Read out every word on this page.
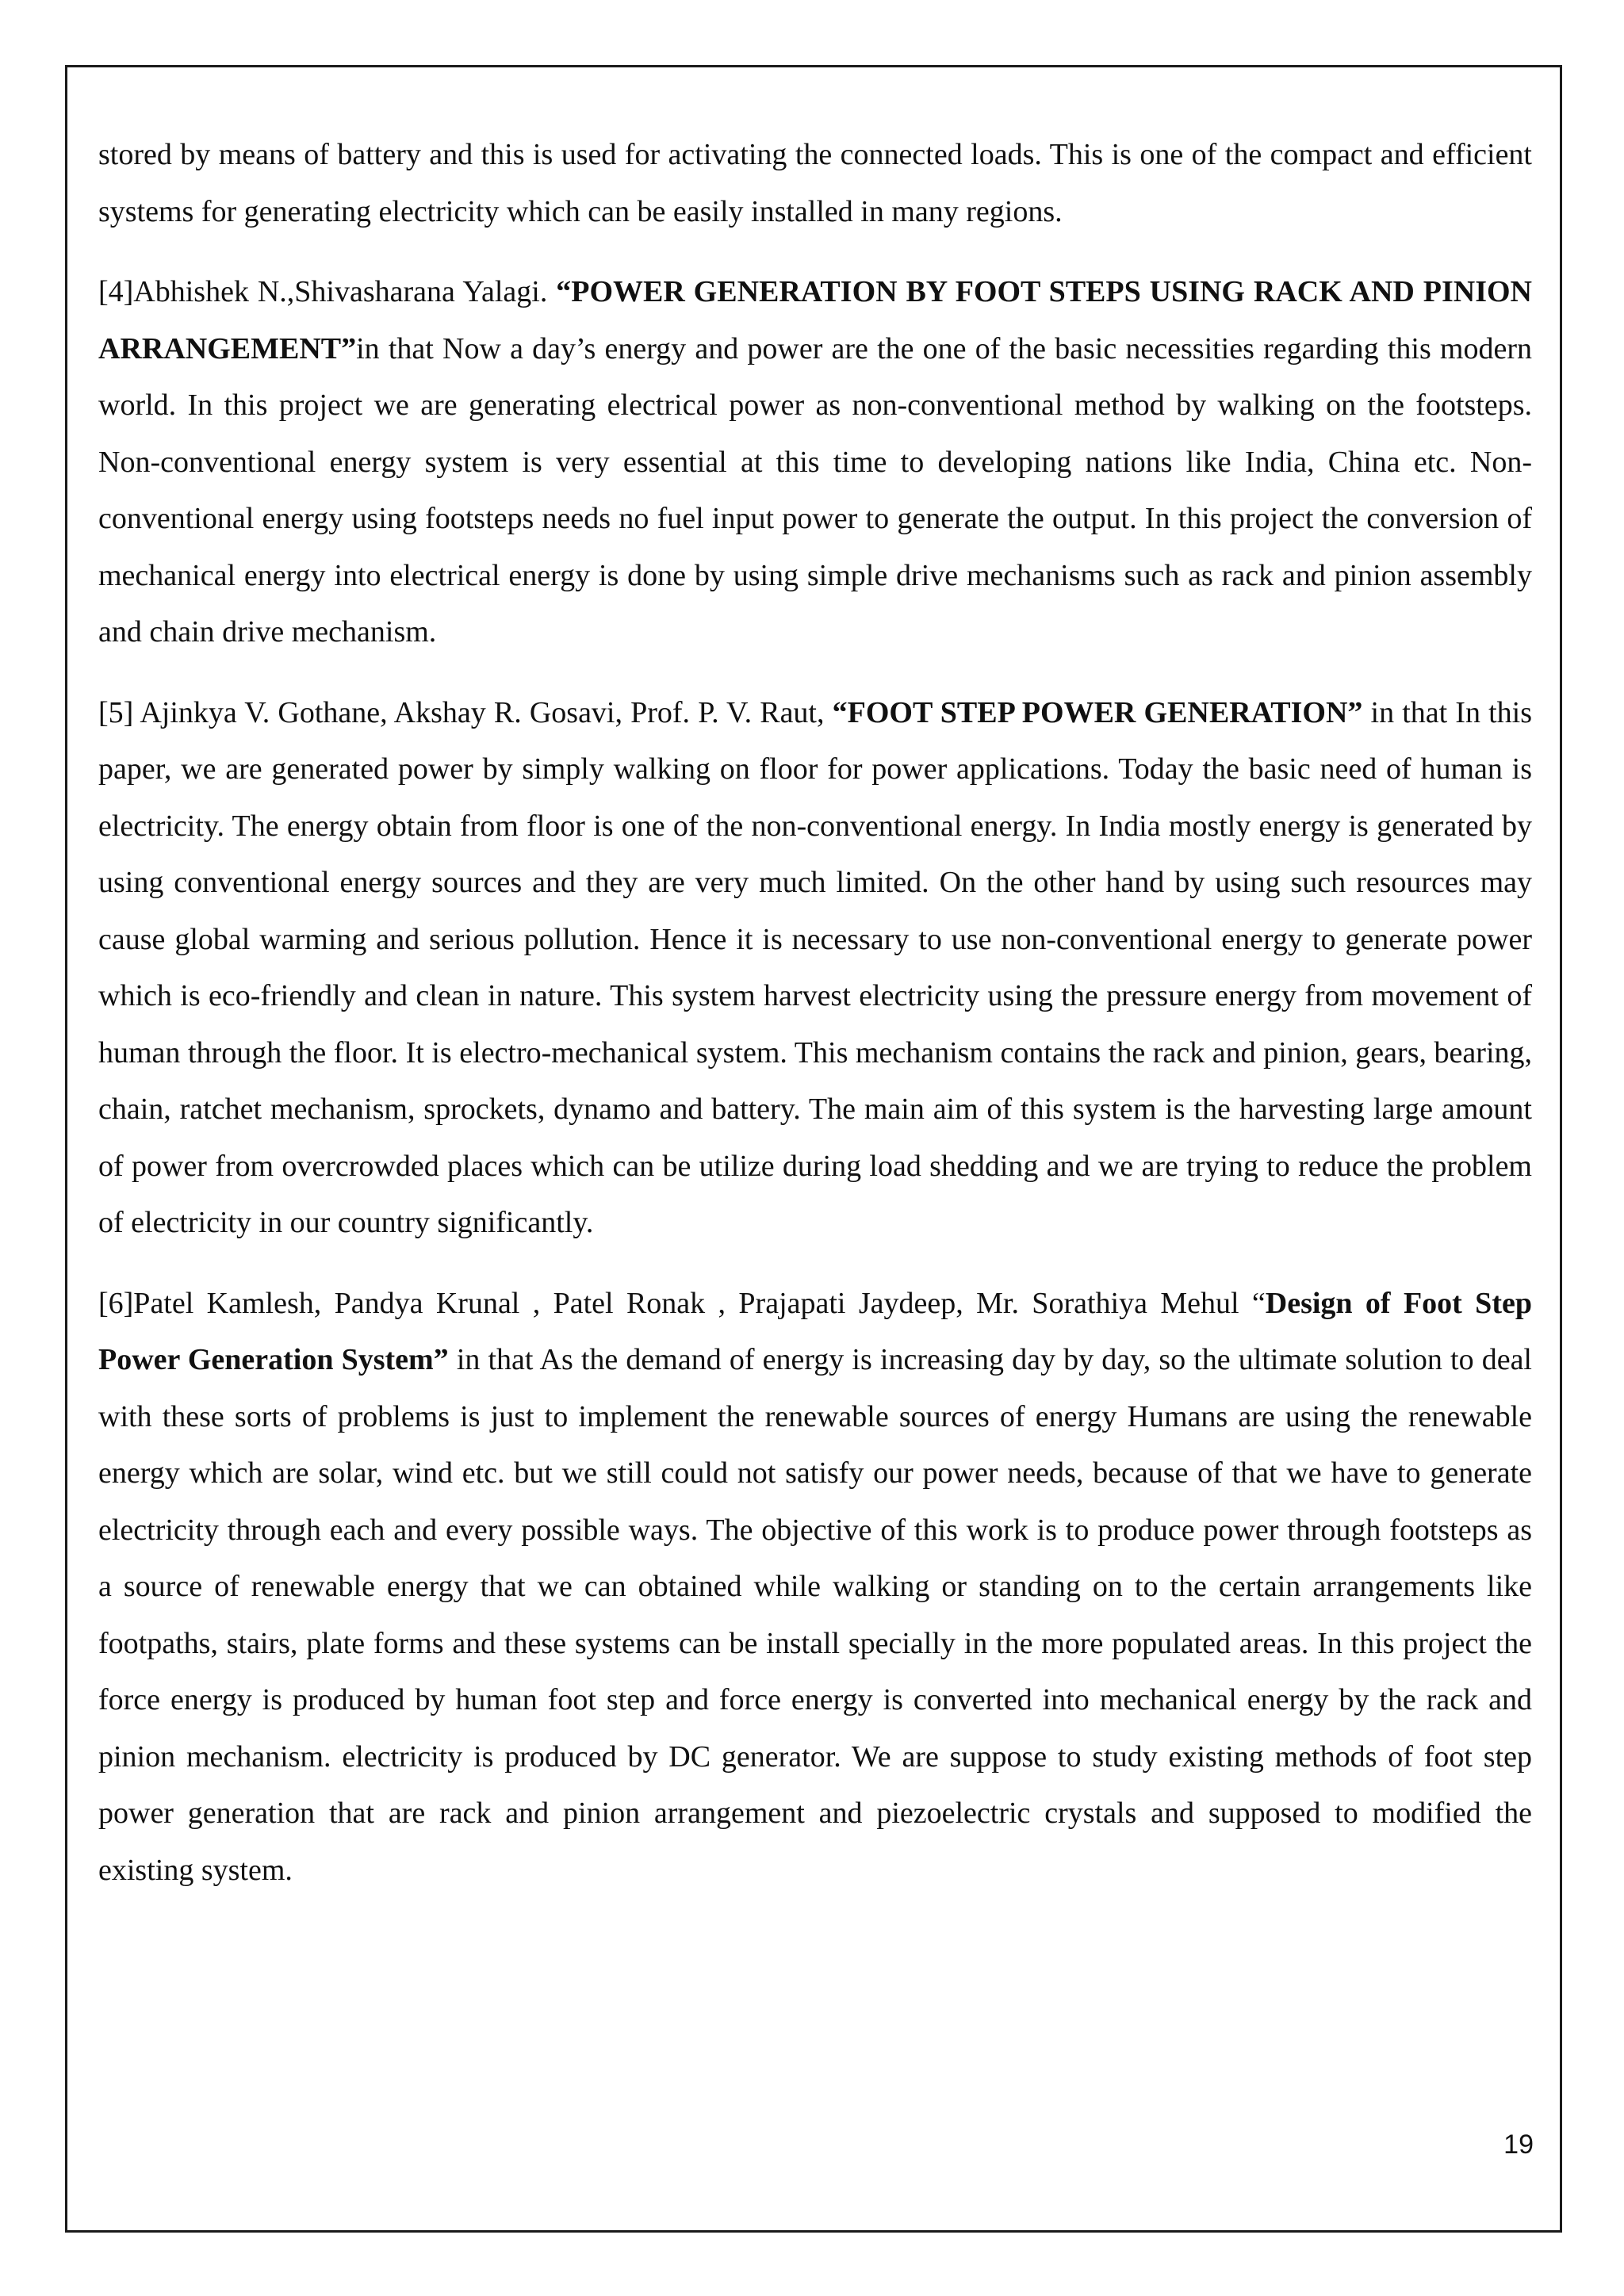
stored by means of battery and this is used for activating the connected loads. This is one of the compact and efficient systems for generating electricity which can be easily installed in many regions.

[4]Abhishek N.,Shivasharana Yalagi. “POWER GENERATION BY FOOT STEPS USING RACK AND PINION ARRANGEMENT”in that Now a day’s energy and power are the one of the basic necessities regarding this modern world. In this project we are generating electrical power as non-conventional method by walking on the footsteps. Non-conventional energy system is very essential at this time to developing nations like India, China etc. Non-conventional energy using footsteps needs no fuel input power to generate the output. In this project the conversion of mechanical energy into electrical energy is done by using simple drive mechanisms such as rack and pinion assembly and chain drive mechanism.

[5] Ajinkya V. Gothane, Akshay R. Gosavi, Prof. P. V. Raut, “FOOT STEP POWER GENERATION” in that In this paper, we are generated power by simply walking on floor for power applications. Today the basic need of human is electricity. The energy obtain from floor is one of the non-conventional energy. In India mostly energy is generated by using conventional energy sources and they are very much limited. On the other hand by using such resources may cause global warming and serious pollution. Hence it is necessary to use non-conventional energy to generate power which is eco-friendly and clean in nature. This system harvest electricity using the pressure energy from movement of human through the floor. It is electro-mechanical system. This mechanism contains the rack and pinion, gears, bearing, chain, ratchet mechanism, sprockets, dynamo and battery. The main aim of this system is the harvesting large amount of power from overcrowded places which can be utilize during load shedding and we are trying to reduce the problem of electricity in our country significantly.

[6]Patel Kamlesh, Pandya Krunal , Patel Ronak , Prajapati Jaydeep, Mr. Sorathiya Mehul “Design of Foot Step Power Generation System” in that As the demand of energy is increasing day by day, so the ultimate solution to deal with these sorts of problems is just to implement the renewable sources of energy Humans are using the renewable energy which are solar, wind etc. but we still could not satisfy our power needs, because of that we have to generate electricity through each and every possible ways. The objective of this work is to produce power through footsteps as a source of renewable energy that we can obtained while walking or standing on to the certain arrangements like footpaths, stairs, plate forms and these systems can be install specially in the more populated areas. In this project the force energy is produced by human foot step and force energy is converted into mechanical energy by the rack and pinion mechanism. electricity is produced by DC generator. We are suppose to study existing methods of foot step power generation that are rack and pinion arrangement and piezoelectric crystals and supposed to modified the existing system.

19
